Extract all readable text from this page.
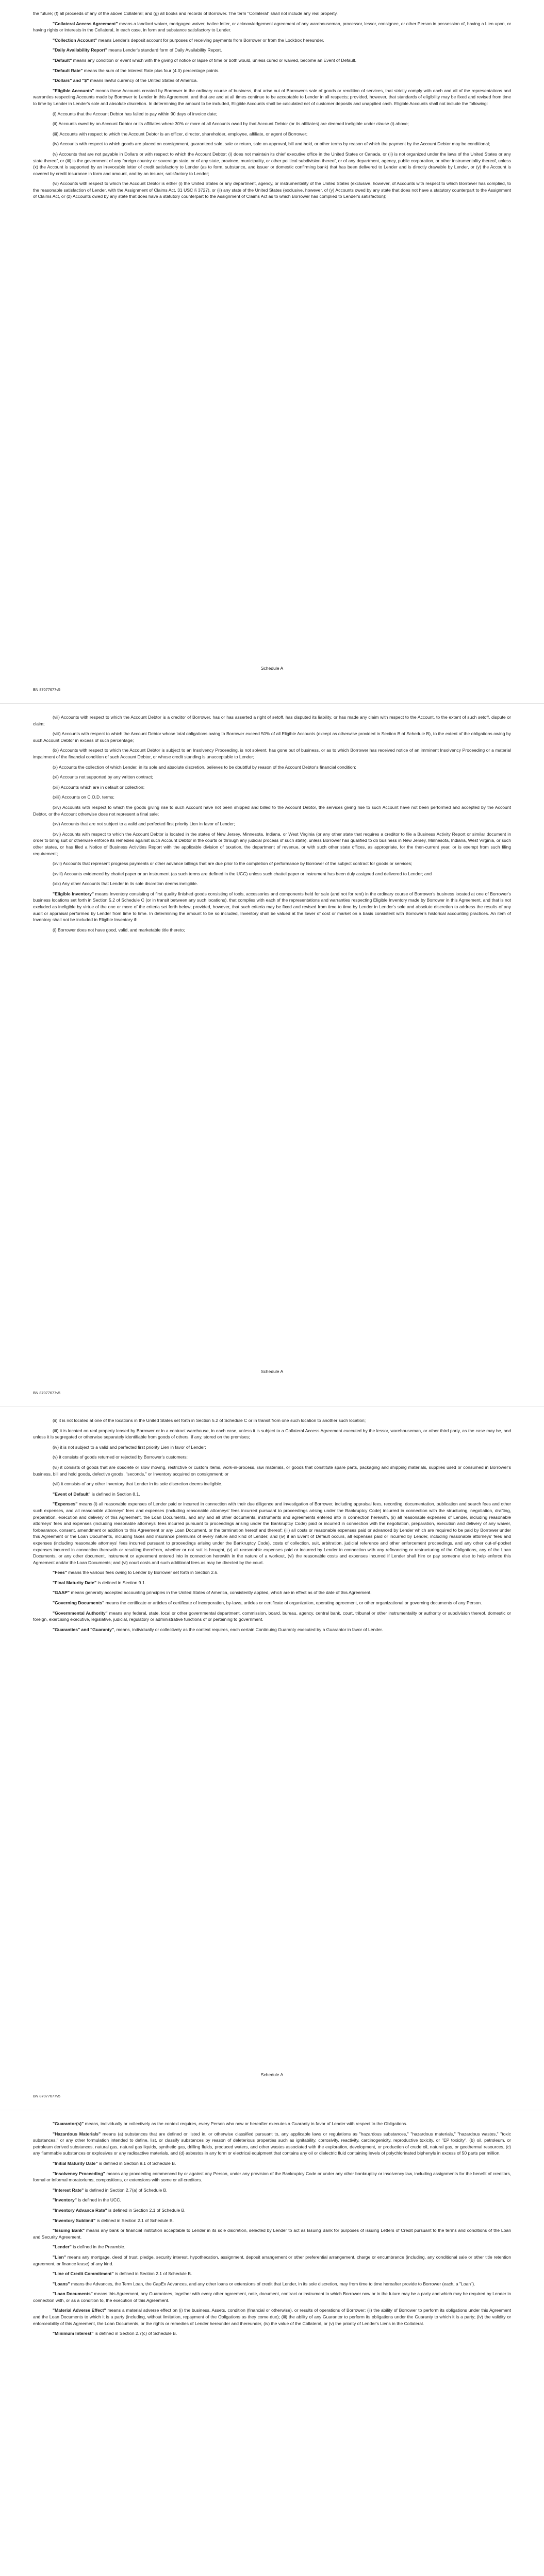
the future; (f) all proceeds of any of the above Collateral; and (g) all books and records of Borrower. The term "Collateral" shall not include any real property.

"Collateral Access Agreement" means a landlord waiver, mortgagee waiver, bailee letter, or acknowledgement agreement of any warehouseman, processor, lessor, consignee, or other Person in possession of, having a Lien upon, or having rights or interests in the Collateral, in each case, in form and substance satisfactory to Lender.

"Collection Account" means Lender's deposit account for purposes of receiving payments from Borrower or from the Lockbox hereunder.

"Daily Availability Report" means Lender's standard form of Daily Availability Report.

"Default" means any condition or event which with the giving of notice or lapse of time or both would, unless cured or waived, become an Event of Default.

"Default Rate" means the sum of the Interest Rate plus four (4.0) percentage points.

"Dollars" and "$" means lawful currency of the United States of America.

"Eligible Accounts" means those Accounts created by Borrower in the ordinary course of business, that arise out of Borrower's sale of goods or rendition of services, that strictly comply with each and all of the representations and warranties respecting Accounts made by Borrower to Lender in this Agreement, and that are and at all times continue to be acceptable to Lender in all respects; provided, however, that standards of eligibility may be fixed and revised from time to time by Lender in Lender's sole and absolute discretion. In determining the amount to be included, Eligible Accounts shall be calculated net of customer deposits and unapplied cash. Eligible Accounts shall not include the following:

(i) Accounts that the Account Debtor has failed to pay within 90 days of invoice date;

(ii) Accounts owed by an Account Debtor or its affiliates where 30% or more of all Accounts owed by that Account Debtor (or its affiliates) are deemed ineligible under clause (i) above;

(iii) Accounts with respect to which the Account Debtor is an officer, director, shareholder, employee, affiliate, or agent of Borrower;

(iv) Accounts with respect to which goods are placed on consignment, guaranteed sale, sale or return, sale on approval, bill and hold, or other terms by reason of which the payment by the Account Debtor may be conditional;

(v) Accounts that are not payable in Dollars or with respect to which the Account Debtor: (i) does not maintain its chief executive office in the United States or Canada, or (ii) is not organized under the laws of the United States or any state thereof, or (iii) is the government of any foreign country or sovereign state, or of any state, province, municipality, or other political subdivision thereof, or of any department, agency, public corporation, or other instrumentality thereof, unless (x) the Account is supported by an irrevocable letter of credit satisfactory to Lender (as to form, substance, and issuer or domestic confirming bank) that has been delivered to Lender and is directly drawable by Lender, or (y) the Account is covered by credit insurance in form and amount, and by an insurer, satisfactory to Lender;

(vi) Accounts with respect to which the Account Debtor is either (i) the United States or any department, agency, or instrumentality of the United States (exclusive, however, of Accounts with respect to which Borrower has complied, to the reasonable satisfaction of Lender, with the Assignment of Claims Act, 31 USC § 3727), or (ii) any state of the United States (exclusive, however, of (y) Accounts owed by any state that does not have a statutory counterpart to the Assignment of Claims Act, or (z) Accounts owed by any state that does have a statutory counterpart to the Assignment of Claims Act as to which Borrower has complied to Lender's satisfaction);

Schedule A
BN 87077677v5

(vii) Accounts with respect to which the Account Debtor is a creditor of Borrower, has or has asserted a right of setoff, has disputed its liability, or has made any claim with respect to the Account, to the extent of such setoff, dispute or claim;

(viii) Accounts with respect to which the Account Debtor whose total obligations owing to Borrower exceed 50% of all Eligible Accounts (except as otherwise provided in Section B of Schedule B), to the extent of the obligations owing by such Account Debtor in excess of such percentage;

(ix) Accounts with respect to which the Account Debtor is subject to an Insolvency Proceeding, is not solvent, has gone out of business, or as to which Borrower has received notice of an imminent Insolvency Proceeding or a material impairment of the financial condition of such Account Debtor, or whose credit standing is unacceptable to Lender;

(x) Accounts the collection of which Lender, in its sole and absolute discretion, believes to be doubtful by reason of the Account Debtor's financial condition;

(xi) Accounts not supported by any written contract;

(xii) Accounts which are in default or collection;

(xiii) Accounts on C.O.D. terms;

(xiv) Accounts with respect to which the goods giving rise to such Account have not been shipped and billed to the Account Debtor, the services giving rise to such Account have not been performed and accepted by the Account Debtor, or the Account otherwise does not represent a final sale;

(xv) Accounts that are not subject to a valid and perfected first priority Lien in favor of Lender;

(xvi) Accounts with respect to which the Account Debtor is located in the states of New Jersey, Minnesota, Indiana, or West Virginia (or any other state that requires a creditor to file a Business Activity Report or similar document in order to bring suit or otherwise enforce its remedies against such Account Debtor in the courts or through any judicial process of such state), unless Borrower has qualified to do business in New Jersey, Minnesota, Indiana, West Virginia, or such other states, or has filed a Notice of Business Activities Report with the applicable division of taxation, the department of revenue, or with such other state offices, as appropriate, for the then-current year, or is exempt from such filing requirement;

(xvii) Accounts that represent progress payments or other advance billings that are due prior to the completion of performance by Borrower of the subject contract for goods or services;

(xviii) Accounts evidenced by chattel paper or an instrument (as such terms are defined in the UCC) unless such chattel paper or instrument has been duly assigned and delivered to Lender; and

(xix) Any other Accounts that Lender in its sole discretion deems ineligible.

"Eligible Inventory" means Inventory consisting of first quality finished goods consisting of tools, accessories and components held for sale (and not for rent) in the ordinary course of Borrower's business located at one of Borrower's business locations set forth in Section 5.2 of Schedule C (or in transit between any such locations), that complies with each of the representations and warranties respecting Eligible Inventory made by Borrower in this Agreement, and that is not excluded as ineligible by virtue of the one or more of the criteria set forth below; provided, however, that such criteria may be fixed and revised from time to time by Lender in Lender's sole and absolute discretion to address the results of any audit or appraisal performed by Lender from time to time. In determining the amount to be so included, Inventory shall be valued at the lower of cost or market on a basis consistent with Borrower's historical accounting practices. An item of Inventory shall not be included in Eligible Inventory if:

(i) Borrower does not have good, valid, and marketable title thereto;

Schedule A
BN 87077677v5

(ii) it is not located at one of the locations in the United States set forth in Section 5.2 of Schedule C or in transit from one such location to another such location;

(iii) it is located on real property leased by Borrower or in a contract warehouse, in each case, unless it is subject to a Collateral Access Agreement executed by the lessor, warehouseman, or other third party, as the case may be, and unless it is segregated or otherwise separately identifiable from goods of others, if any, stored on the premises;

(iv) it is not subject to a valid and perfected first priority Lien in favor of Lender;

(v) it consists of goods returned or rejected by Borrower's customers;

(vi) it consists of goods that are obsolete or slow moving, restrictive or custom items, work-in-process, raw materials, or goods that constitute spare parts, packaging and shipping materials, supplies used or consumed in Borrower's business, bill and hold goods, defective goods, "seconds," or Inventory acquired on consignment; or

(vii) it consists of any other Inventory that Lender in its sole discretion deems ineligible.

"Event of Default" is defined in Section 8.1.

"Expenses" means (i) all reasonable expenses of Lender paid or incurred in connection with their due diligence and investigation of Borrower, including appraisal fees, recording, documentation, publication and search fees and other such expenses, and all reasonable attorneys' fees and expenses (including reasonable attorneys' fees incurred pursuant to proceedings arising under the Bankruptcy Code) incurred in connection with the structuring, negotiation, drafting, preparation, execution and delivery of this Agreement, the Loan Documents, and any and all other documents, instruments and agreements entered into in connection herewith, (ii) all reasonable expenses of Lender, including reasonable attorneys' fees and expenses (including reasonable attorneys' fees incurred pursuant to proceedings arising under the Bankruptcy Code) paid or incurred in connection with the negotiation, preparation, execution and delivery of any waiver, forbearance, consent, amendment or addition to this Agreement or any Loan Document, or the termination hereof and thereof; (iii) all costs or reasonable expenses paid or advanced by Lender which are required to be paid by Borrower under this Agreement or the Loan Documents, including taxes and insurance premiums of every nature and kind of Lender; and (iv) if an Event of Default occurs, all expenses paid or incurred by Lender, including reasonable attorneys' fees and expenses (including reasonable attorneys' fees incurred pursuant to proceedings arising under the Bankruptcy Code), costs of collection, suit, arbitration, judicial reference and other enforcement proceedings, and any other out-of-pocket expenses incurred in connection therewith or resulting therefrom, whether or not suit is brought, (v) all reasonable expenses paid or incurred by Lender in connection with any refinancing or restructuring of the Obligations, any of the Loan Documents, or any other document, instrument or agreement entered into in connection herewith in the nature of a workout, (vi) the reasonable costs and expenses incurred if Lender shall hire or pay someone else to help enforce this Agreement and/or the Loan Documents; and (vi) court costs and such additional fees as may be directed by the court.

"Fees" means the various fees owing to Lender by Borrower set forth in Section 2.6.

"Final Maturity Date" is defined in Section 9.1.

"GAAP" means generally accepted accounting principles in the United States of America, consistently applied, which are in effect as of the date of this Agreement.

"Governing Documents" means the certificate or articles of certificate of incorporation, by-laws, articles or certificate of organization, operating agreement, or other organizational or governing documents of any Person.

"Governmental Authority" means any federal, state, local or other governmental department, commission, board, bureau, agency, central bank, court, tribunal or other instrumentality or authority or subdivision thereof, domestic or foreign, exercising executive, legislative, judicial, regulatory or administrative functions of or pertaining to government.

"Guaranties" and "Guaranty", means, individually or collectively as the context requires, each certain Continuing Guaranty executed by a Guarantor in favor of Lender.

Schedule A
BN 87077677v5

"Guarantor(s)" means, individually or collectively as the context requires, every Person who now or hereafter executes a Guaranty in favor of Lender with respect to the Obligations.

"Hazardous Materials" means (a) substances that are defined or listed in, or otherwise classified pursuant to, any applicable laws or regulations as "hazardous substances," "hazardous materials," "hazardous wastes," "toxic substances," or any other formulation intended to define, list, or classify substances by reason of deleterious properties such as ignitability, corrosivity, reactivity, carcinogenicity, reproductive toxicity, or "EP toxicity", (b) oil, petroleum, or petroleum derived substances, natural gas, natural gas liquids, synthetic gas, drilling fluids, produced waters, and other wastes associated with the exploration, development, or production of crude oil, natural gas, or geothermal resources, (c) any flammable substances or explosives or any radioactive materials, and (d) asbestos in any form or electrical equipment that contains any oil or dielectric fluid containing levels of polychlorinated biphenyls in excess of 50 parts per million.

"Initial Maturity Date" is defined in Section 9.1 of Schedule B.

"Insolvency Proceeding" means any proceeding commenced by or against any Person, under any provision of the Bankruptcy Code or under any other bankruptcy or insolvency law, including assignments for the benefit of creditors, formal or informal moratoriums, compositions, or extensions with some or all creditors.

"Interest Rate" is defined in Section 2.7(a) of Schedule B.

"Inventory" is defined in the UCC.

"Inventory Advance Rate" is defined in Section 2.1 of Schedule B.

"Inventory Sublimit" is defined in Section 2.1 of Schedule B.

"Issuing Bank" means any bank or financial institution acceptable to Lender in its sole discretion, selected by Lender to act as Issuing Bank for purposes of issuing Letters of Credit pursuant to the terms and conditions of the Loan and Security Agreement.

"Lender" is defined in the Preamble.

"Lien" means any mortgage, deed of trust, pledge, security interest, hypothecation, assignment, deposit arrangement or other preferential arrangement, charge or encumbrance (including, any conditional sale or other title retention agreement, or finance lease) of any kind.

"Line of Credit Commitment" is defined in Section 2.1 of Schedule B.

"Loans" means the Advances, the Term Loan, the CapEx Advances, and any other loans or extensions of credit that Lender, in its sole discretion, may from time to time hereafter provide to Borrower (each, a "Loan").

"Loan Documents" means this Agreement, any Guarantees, together with every other agreement, note, document, contract or instrument to which Borrower now or in the future may be a party and which may be required by Lender in connection with, or as a condition to, the execution of this Agreement.

"Material Adverse Effect" means a material adverse effect on (i) the business, Assets, condition (financial or otherwise), or results of operations of Borrower; (ii) the ability of Borrower to perform its obligations under this Agreement and the Loan Documents to which it is a party (including, without limitation, repayment of the Obligations as they come due); (iii) the ability of any Guarantor to perform its obligations under the Guaranty to which it is a party; (iv) the validity or enforceability of this Agreement, the Loan Documents, or the rights or remedies of Lender hereunder and thereunder, (iv) the value of the Collateral, or (v) the priority of Lender's Liens in the Collateral.

"Minimum Interest" is defined in Section 2.7(c) of Schedule B.
